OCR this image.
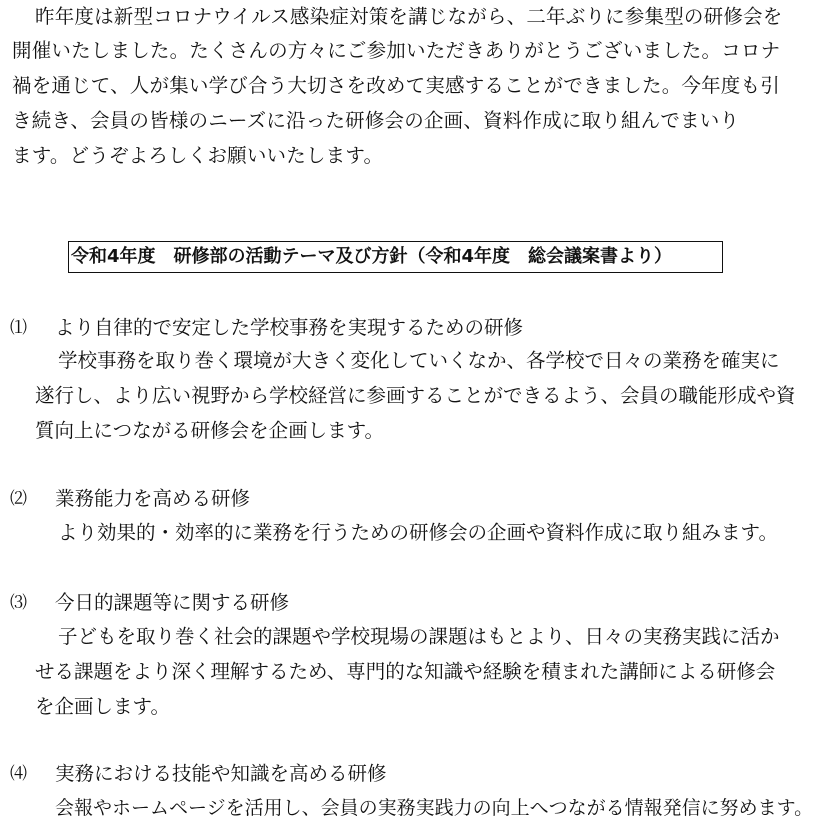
昨年度は新型コロナウイルス感染症対策を講じながら、二年ぶりに参集型の研修会を
開催いたしました。たくさんの方々にご参加いただきありがとうございました。コロナ
禍を通じて、人が集い学び合う大切さを改めて実感することができました。今年度も引
き続き、会員の皆様のニーズに沿った研修会の企画、資料作成に取り組んでまいり
ます。どうぞよろしくお願いいたします。
令和4年度　研修部の活動テーマ及び方針（令和4年度　総会議案書より）
⑴ より自律的で安定した学校事務を実現するための研修
学校事務を取り巻く環境が大きく変化していくなか、各学校で日々の業務を確実に
遂行し、より広い視野から学校経営に参画することができるよう、会員の職能形成や資
質向上につながる研修会を企画します。
⑵ 業務能力を高める研修
より効果的・効率的に業務を行うための研修会の企画や資料作成に取り組みます。
⑶ 今日的課題等に関する研修
子どもを取り巻く社会的課題や学校現場の課題はもとより、日々の実務実践に活か
せる課題をより深く理解するため、専門的な知識や経験を積まれた講師による研修会
を企画します。
⑷ 実務における技能や知識を高める研修
会報やホームページを活用し、会員の実務実践力の向上へつながる情報発信に努めます。
